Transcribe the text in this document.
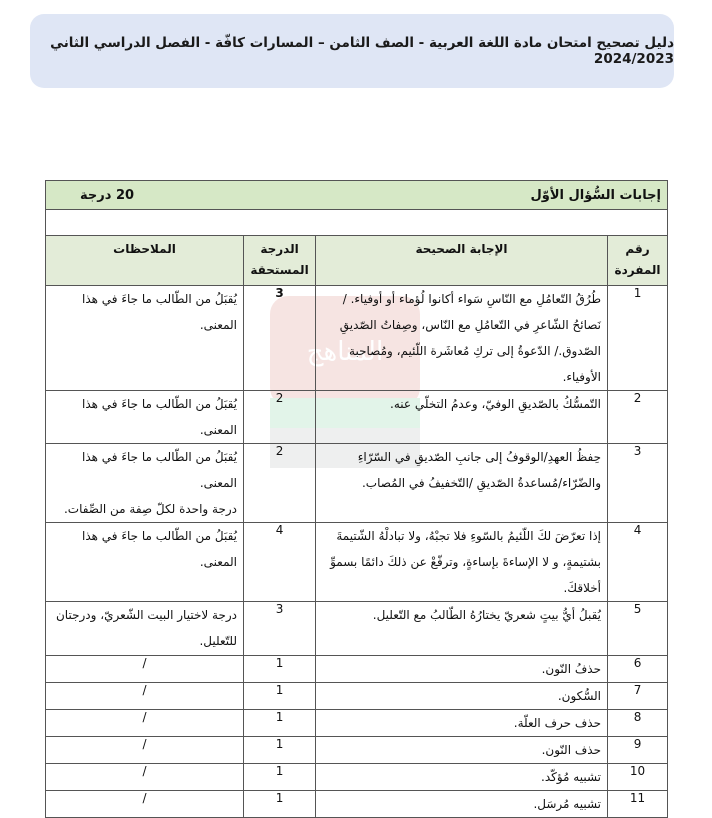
دليل تصحيح امتحان مادة اللغة العربية - الصف الثامن – المسارات كافّة - الفصل الدراسي الثاني 2024/2023
المناهج
إجابات السُّؤال الأوّل
20 درجة			

رقم المفردة	الإجابة الصحيحة	الدرجة المستحقة	الملاحظات
1	طُرُقُ التّعامُلِ مع النّاسِ سَواء أكانوا لُؤماء أو أوفياء. /نَصائحُ الشّاعرِ في التّعامُلِ مع النّاس، وصِفاتُ الصّديقِ الصّدوق./ الدّعوةُ إلى تركِ مُعاشَرة اللّئيم، ومُصاحبة الأوفياء.	3	يُقبَلُ من الطّالب ما جاءَ في هذا المعنى.
2	التّمسُّكُ بالصّديقِ الوفيّ، وعدمُ التخلّي عنه.	2	يُقبَلُ من الطّالب ما جاءَ في هذا المعنى.
3	حِفظُ العهدِ/الوقوفُ إلى جانبِ الصّديقِ في السّرّاءِ والضّرّاء/مُساعدةُ الصّديقِ /التّخفيفُ في المُصاب.	2	يُقبَلُ من الطّالب ما جاءَ في هذا المعنى.
درجة واحدة لكلّ صِفة من الصِّفات.

4	إذا تعرّضَ لكَ اللّئيمُ بالسّوءِ فلا تجبْهُ، ولا تبادلْهُ الشّتيمةَ بشتيمةٍ، و لا الإساءةَ بإساءةٍ، وترفّعْ عن ذلكَ دائمًا بسموِّ أخلاقكَ.	4	يُقبَلُ من الطّالب ما جاءَ في هذا المعنى.
5	يُقبلُ أيُّ بيتٍ شعريّ يختارُهُ الطّالبُ مع التّعليل.	3	درجة لاختيار البيت الشّعريّ، ودرجتان للتّعليل.
6	حذفُ النّون.	1	/
7	السُّكون.	1	/
8	حذف حرف العلّة.	1	/
9	حذف النّون.	1	/
10	تشبيه مُؤكّد.	1	/
11	تشبيه مُرسَل.	1	/
